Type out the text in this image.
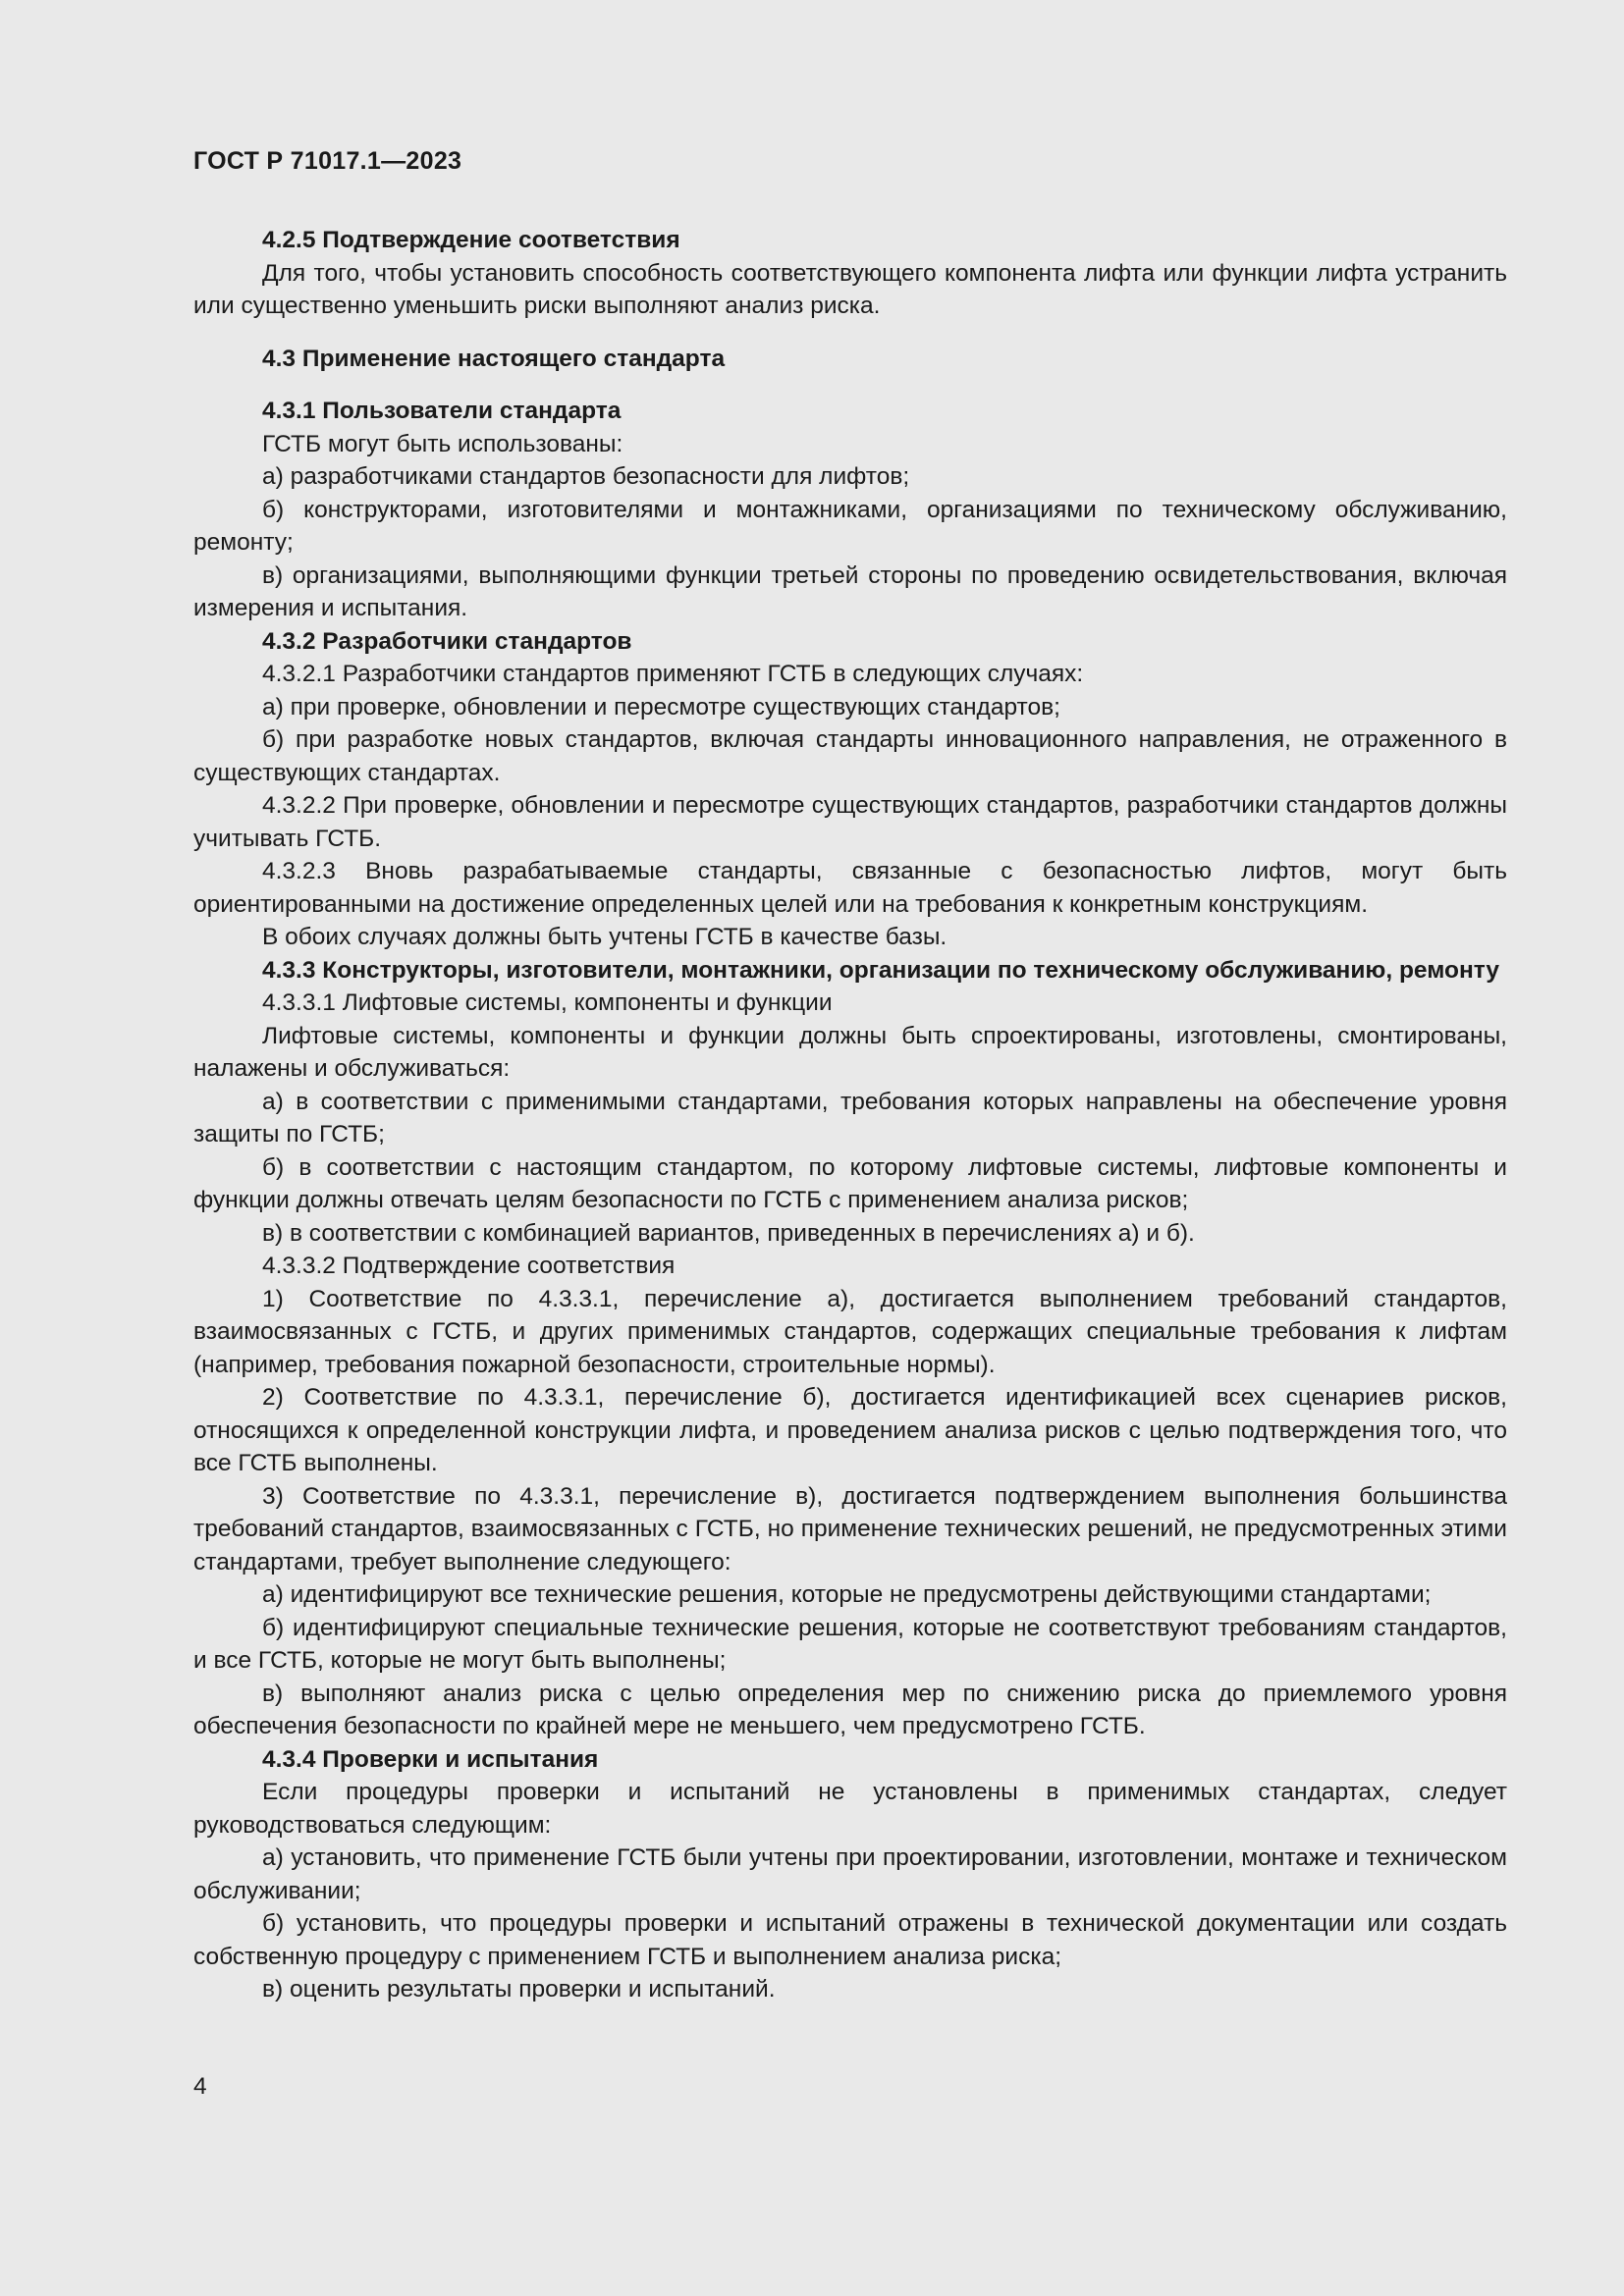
ГОСТ Р 71017.1—2023

4.2.5 Подтверждение соответствия

Для того, чтобы установить способность соответствующего компонента лифта или функции лифта устранить или существенно уменьшить риски выполняют анализ риска.

4.3 Применение настоящего стандарта

4.3.1 Пользователи стандарта

ГСТБ могут быть использованы:

а) разработчиками стандартов безопасности для лифтов;

б) конструкторами, изготовителями и монтажниками, организациями по техническому обслуживанию, ремонту;

в) организациями, выполняющими функции третьей стороны по проведению освидетельствования, включая измерения и испытания.

4.3.2 Разработчики стандартов

4.3.2.1 Разработчики стандартов применяют ГСТБ в следующих случаях:

а) при проверке, обновлении и пересмотре существующих стандартов;

б) при разработке новых стандартов, включая стандарты инновационного направления, не отраженного в существующих стандартах.

4.3.2.2 При проверке, обновлении и пересмотре существующих стандартов, разработчики стандартов должны учитывать ГСТБ.

4.3.2.3 Вновь разрабатываемые стандарты, связанные с безопасностью лифтов, могут быть ориентированными на достижение определенных целей или на требования к конкретным конструкциям.

В обоих случаях должны быть учтены ГСТБ в качестве базы.

4.3.3 Конструкторы, изготовители, монтажники, организации по техническому обслуживанию, ремонту

4.3.3.1 Лифтовые системы, компоненты и функции

Лифтовые системы, компоненты и функции должны быть спроектированы, изготовлены, смонтированы, налажены и обслуживаться:

а) в соответствии с применимыми стандартами, требования которых направлены на обеспечение уровня защиты по ГСТБ;

б) в соответствии с настоящим стандартом, по которому лифтовые системы, лифтовые компоненты и функции должны отвечать целям безопасности по ГСТБ с применением анализа рисков;

в) в соответствии с комбинацией вариантов, приведенных в перечислениях а) и б).

4.3.3.2 Подтверждение соответствия

1) Соответствие по 4.3.3.1, перечисление а), достигается выполнением требований стандартов, взаимосвязанных с ГСТБ, и других применимых стандартов, содержащих специальные требования к лифтам (например, требования пожарной безопасности, строительные нормы).

2) Соответствие по 4.3.3.1, перечисление б), достигается идентификацией всех сценариев рисков, относящихся к определенной конструкции лифта, и проведением анализа рисков с целью подтверждения того, что все ГСТБ выполнены.

3) Соответствие по 4.3.3.1, перечисление в), достигается подтверждением выполнения большинства требований стандартов, взаимосвязанных с ГСТБ, но применение технических решений, не предусмотренных этими стандартами, требует выполнение следующего:

а) идентифицируют все технические решения, которые не предусмотрены действующими стандартами;

б) идентифицируют специальные технические решения, которые не соответствуют требованиям стандартов, и все ГСТБ, которые не могут быть выполнены;

в) выполняют анализ риска с целью определения мер по снижению риска до приемлемого уровня обеспечения безопасности по крайней мере не меньшего, чем предусмотрено ГСТБ.

4.3.4 Проверки и испытания

Если процедуры проверки и испытаний не установлены в применимых стандартах, следует руководствоваться следующим:

а) установить, что применение ГСТБ были учтены при проектировании, изготовлении, монтаже и техническом обслуживании;

б) установить, что процедуры проверки и испытаний отражены в технической документации или создать собственную процедуру с применением ГСТБ и выполнением анализа риска;

в) оценить результаты проверки и испытаний.

4
